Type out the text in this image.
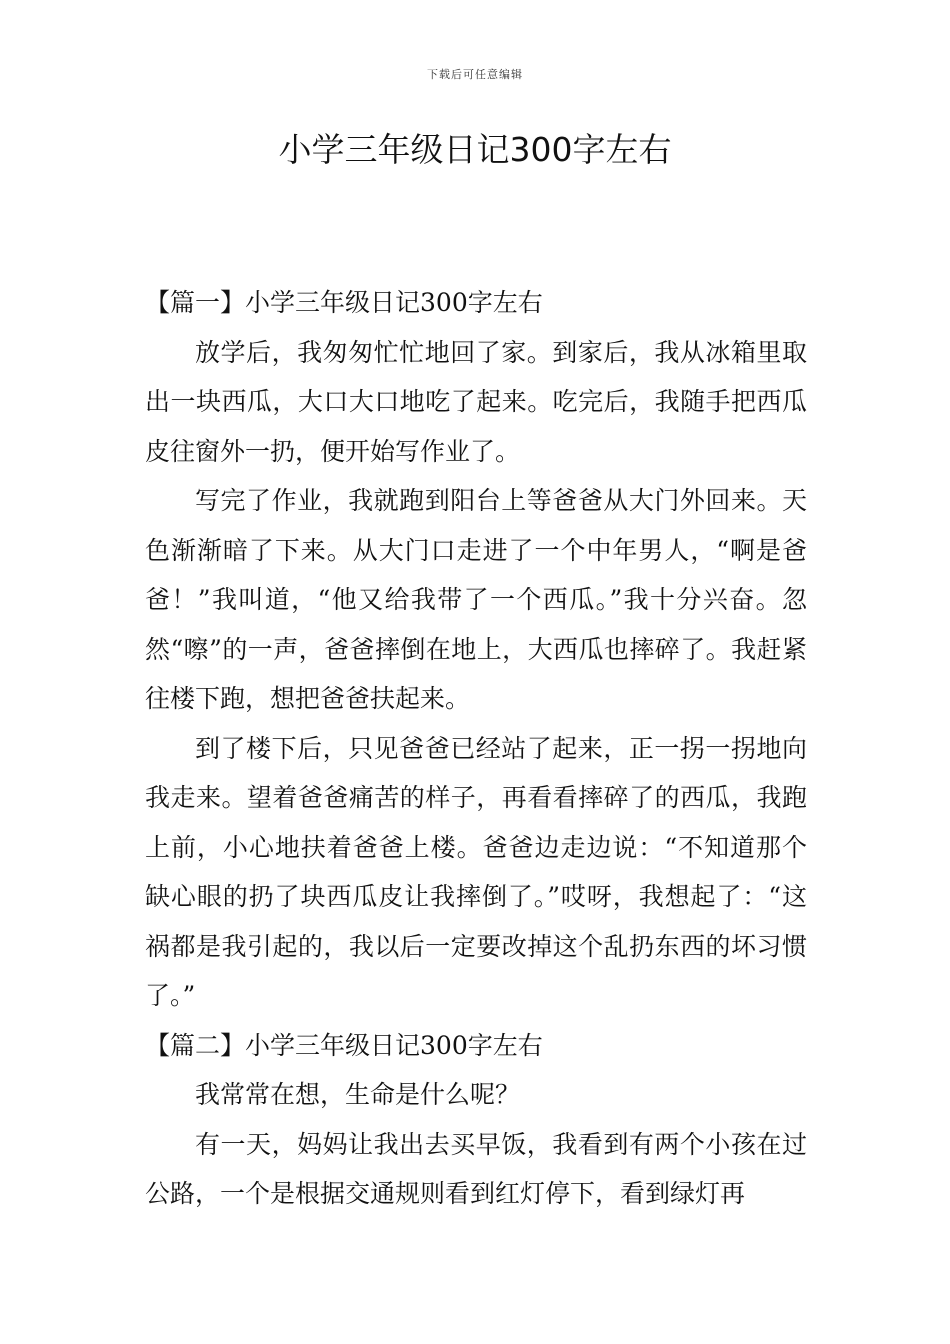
下载后可任意编辑
小学三年级日记300字左右
【篇一】小学三年级日记300字左右

放学后，我匆匆忙忙地回了家。到家后，我从冰箱里取出一块西瓜，大口大口地吃了起来。吃完后，我随手把西瓜皮往窗外一扔，便开始写作业了。

写完了作业，我就跑到阳台上等爸爸从大门外回来。天色渐渐暗了下来。从大门口走进了一个中年男人，“啊是爸爸！”我叫道，“他又给我带了一个西瓜。”我十分兴奋。忽然“嚓”的一声，爸爸摔倒在地上，大西瓜也摔碎了。我赶紧往楼下跑，想把爸爸扶起来。

到了楼下后，只见爸爸已经站了起来，正一拐一拐地向我走来。望着爸爸痛苦的样子，再看看摔碎了的西瓜，我跑上前，小心地扶着爸爸上楼。爸爸边走边说：“不知道那个缺心眼的扔了块西瓜皮让我摔倒了。”哎呀，我想起了：“这祸都是我引起的，我以后一定要改掉这个乱扔东西的坏习惯了。”

【篇二】小学三年级日记300字左右

我常常在想，生命是什么呢？

有一天，妈妈让我出去买早饭，我看到有两个小孩在过公路，一个是根据交通规则看到红灯停下，看到绿灯再
